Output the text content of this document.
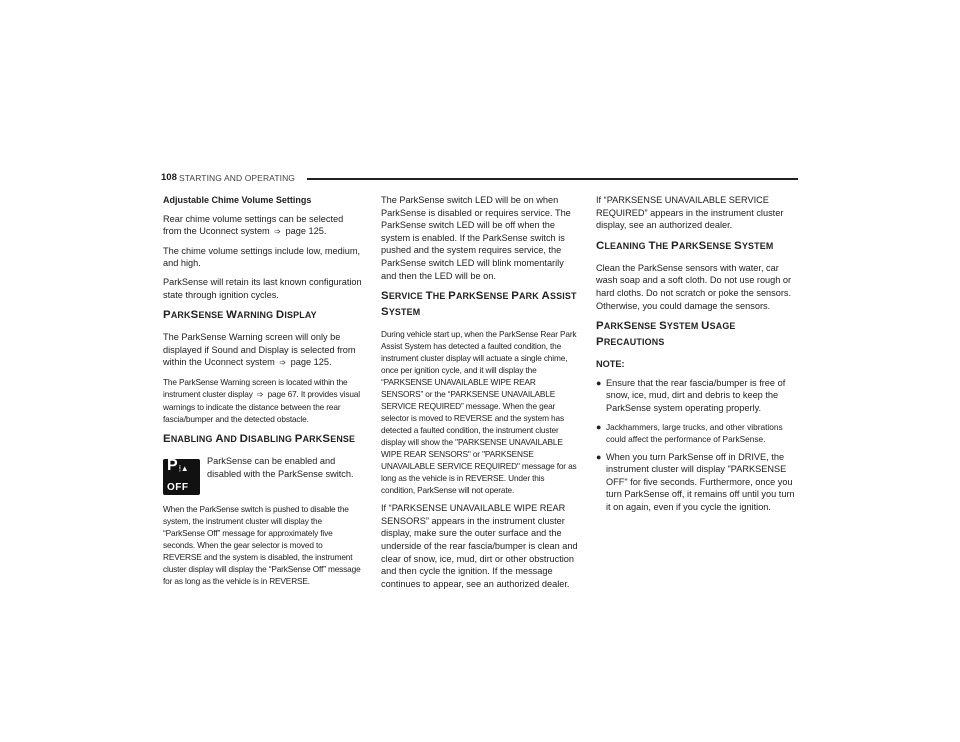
108 STARTING AND OPERATING

Adjustable Chime Volume Settings

Rear chime volume settings can be selected from the Uconnect system ➩ page 125.

The chime volume settings include low, medium, and high.

ParkSense will retain its last known configuration state through ignition cycles.

PARKSENSE WARNING DISPLAY

The ParkSense Warning screen will only be displayed if Sound and Display is selected from within the Uconnect system ➩ page 125.

The ParkSense Warning screen is located within the instrument cluster display ➩ page 67. It provides visual warnings to indicate the distance between the rear fascia/bumper and the detected obstacle.

ENABLING AND DISABLING PARKSENSE
P ⦙▲
OFF
ParkSense can be enabled and disabled with the ParkSense switch.

When the ParkSense switch is pushed to disable the system, the instrument cluster will display the “ParkSense Off” message for approximately five seconds. When the gear selector is moved to REVERSE and the system is disabled, the instrument cluster display will display the “ParkSense Off” message for as long as the vehicle is in REVERSE.

The ParkSense switch LED will be on when ParkSense is disabled or requires service. The ParkSense switch LED will be off when the system is enabled. If the ParkSense switch is pushed and the system requires service, the ParkSense switch LED will blink momentarily and then the LED will be on.

SERVICE THE PARKSENSE PARK ASSIST
SYSTEM

During vehicle start up, when the ParkSense Rear Park Assist System has detected a faulted condition, the instrument cluster display will actuate a single chime, once per ignition cycle, and it will display the “PARKSENSE UNAVAILABLE WIPE REAR SENSORS” or the “PARKSENSE UNAVAILABLE SERVICE REQUIRED” message. When the gear selector is moved to REVERSE and the system has detected a faulted condition, the instrument cluster display will show the "PARKSENSE UNAVAILABLE WIPE REAR SENSORS" or "PARKSENSE UNAVAILABLE SERVICE REQUIRED" message for as long as the vehicle is in REVERSE. Under this condition, ParkSense will not operate.

If “PARKSENSE UNAVAILABLE WIPE REAR SENSORS” appears in the instrument cluster display, make sure the outer surface and the underside of the rear fascia/bumper is clean and clear of snow, ice, mud, dirt or other obstruction and then cycle the ignition. If the message continues to appear, see an authorized dealer.

If “PARKSENSE UNAVAILABLE SERVICE REQUIRED” appears in the instrument cluster display, see an authorized dealer.

CLEANING THE PARKSENSE SYSTEM

Clean the ParkSense sensors with water, car wash soap and a soft cloth. Do not use rough or hard cloths. Do not scratch or poke the sensors. Otherwise, you could damage the sensors.

PARKSENSE SYSTEM USAGE
PRECAUTIONS

NOTE:

● Ensure that the rear fascia/bumper is free of snow, ice, mud, dirt and debris to keep the ParkSense system operating properly.
● Jackhammers, large trucks, and other vibrations could affect the performance of ParkSense.
● When you turn ParkSense off in DRIVE, the instrument cluster will display "PARKSENSE OFF" for five seconds. Furthermore, once you turn ParkSense off, it remains off until you turn it on again, even if you cycle the ignition.
